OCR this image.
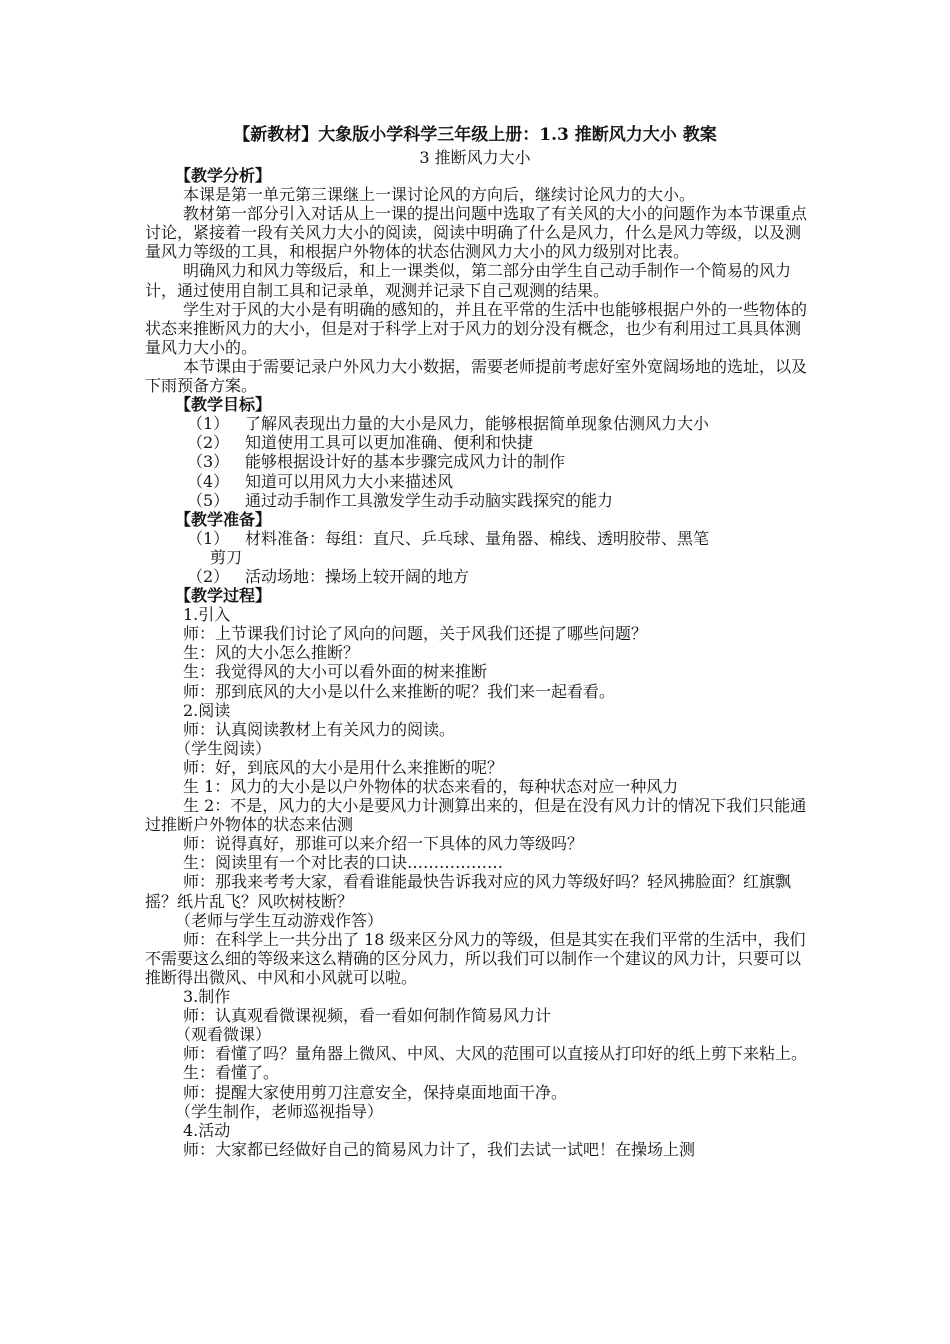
【新教材】大象版小学科学三年级上册：1.3 推断风力大小 教案
3 推断风力大小

【教学分析】

本课是第一单元第三课继上一课讨论风的方向后，继续讨论风力的大小。

教材第一部分引入对话从上一课的提出问题中选取了有关风的大小的问题作为本节课重点讨论，紧接着一段有关风力大小的阅读，阅读中明确了什么是风力，什么是风力等级，以及测量风力等级的工具，和根据户外物体的状态估测风力大小的风力级别对比表。

明确风力和风力等级后，和上一课类似，第二部分由学生自己动手制作一个简易的风力计，通过使用自制工具和记录单，观测并记录下自己观测的结果。

学生对于风的大小是有明确的感知的，并且在平常的生活中也能够根据户外的一些物体的状态来推断风力的大小，但是对于科学上对于风力的划分没有概念，也少有利用过工具具体测量风力大小的。

本节课由于需要记录户外风力大小数据，需要老师提前考虑好室外宽阔场地的选址，以及下雨预备方案。

【教学目标】

（1） 了解风表现出力量的大小是风力，能够根据简单现象估测风力大小

（2） 知道使用工具可以更加准确、便利和快捷

（3） 能够根据设计好的基本步骤完成风力计的制作

（4） 知道可以用风力大小来描述风

（5） 通过动手制作工具激发学生动手动脑实践探究的能力

【教学准备】

（1） 材料准备：每组：直尺、乒乓球、量角器、棉线、透明胶带、黑笔

剪刀

（2） 活动场地：操场上较开阔的地方

【教学过程】

1.引入

师：上节课我们讨论了风向的问题，关于风我们还提了哪些问题？

生：风的大小怎么推断？

生：我觉得风的大小可以看外面的树来推断

师：那到底风的大小是以什么来推断的呢？我们来一起看看。

2.阅读

师：认真阅读教材上有关风力的阅读。

（学生阅读）

师：好，到底风的大小是用什么来推断的呢？

生 1：风力的大小是以户外物体的状态来看的，每种状态对应一种风力

生 2：不是，风力的大小是要风力计测算出来的，但是在没有风力计的情况下我们只能通过推断户外物体的状态来估测

师：说得真好，那谁可以来介绍一下具体的风力等级吗？

生：阅读里有一个对比表的口诀………………

师：那我来考考大家，看看谁能最快告诉我对应的风力等级好吗？轻风拂脸面？红旗飘摇？纸片乱飞？风吹树枝断？

（老师与学生互动游戏作答）

师：在科学上一共分出了 18 级来区分风力的等级，但是其实在我们平常的生活中，我们不需要这么细的等级来这么精确的区分风力，所以我们可以制作一个建议的风力计，只要可以推断得出微风、中风和小风就可以啦。

3.制作

师：认真观看微课视频，看一看如何制作简易风力计

（观看微课）

师：看懂了吗？量角器上微风、中风、大风的范围可以直接从打印好的纸上剪下来粘上。

生：看懂了。

师：提醒大家使用剪刀注意安全，保持桌面地面干净。

（学生制作，老师巡视指导）

4.活动

师：大家都已经做好自己的简易风力计了，我们去试一试吧！在操场上测
